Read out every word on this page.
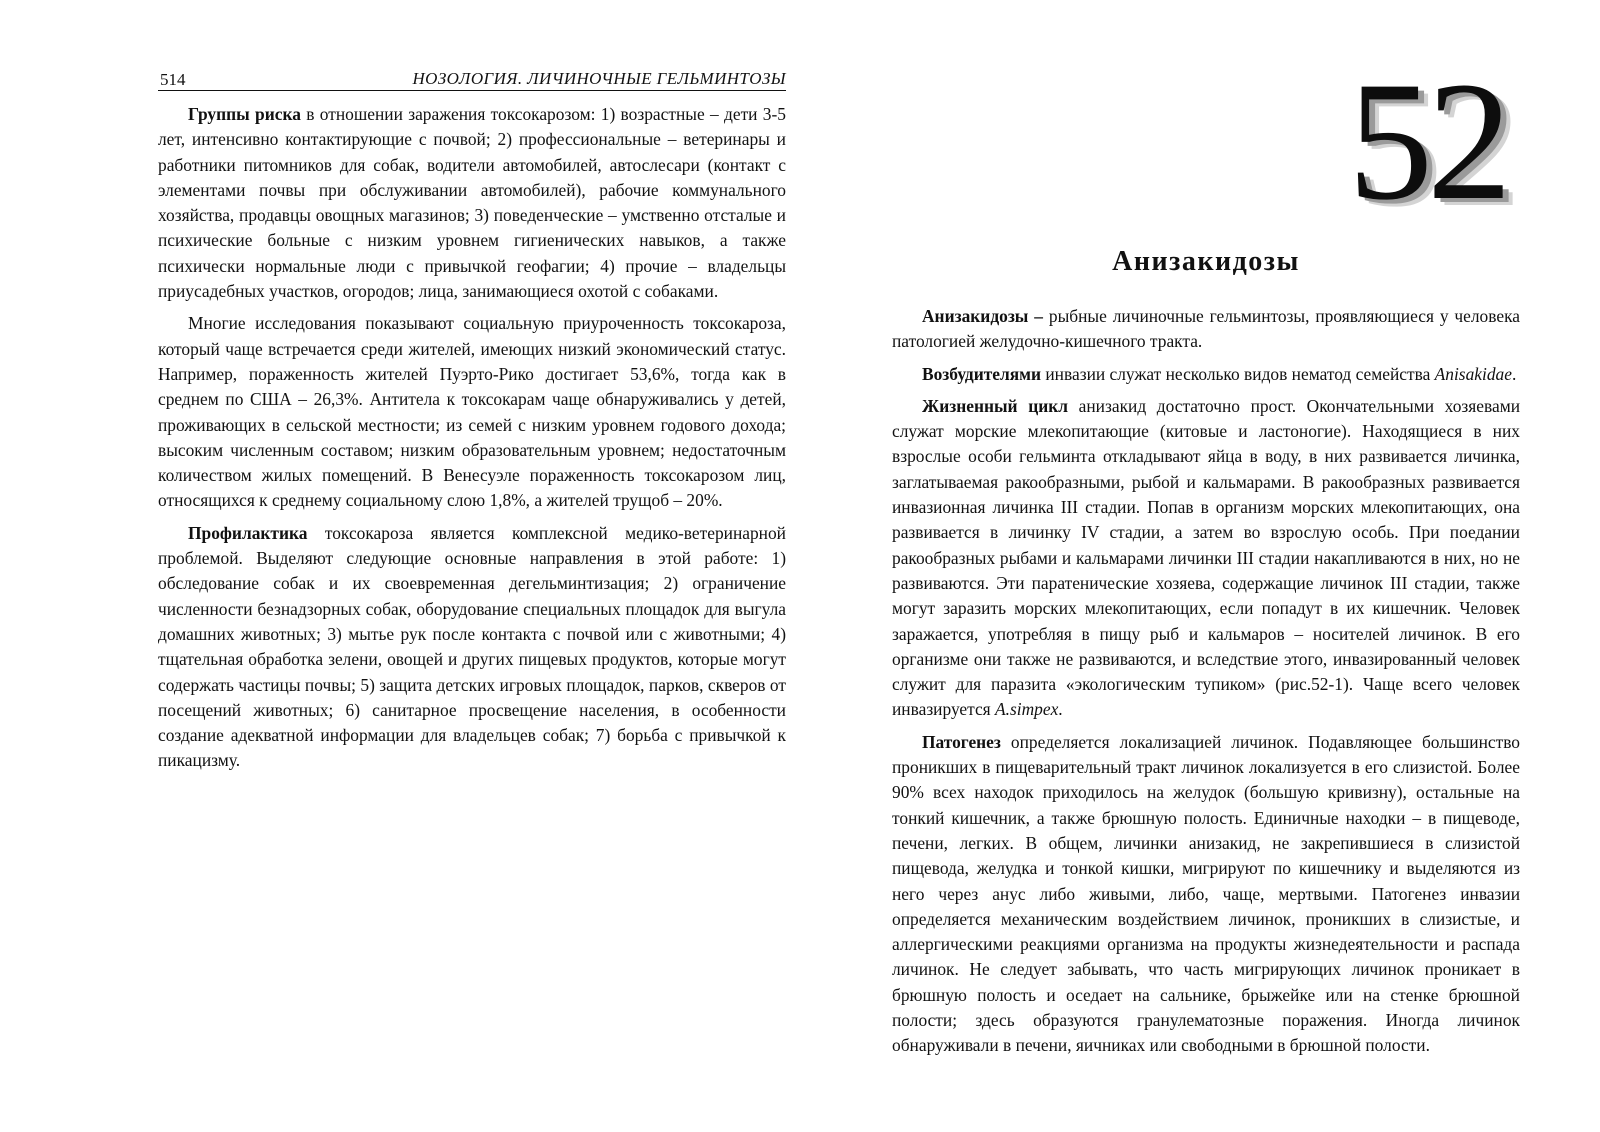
514	НОЗОЛОГИЯ. ЛИЧИНОЧНЫЕ ГЕЛЬМИНТОЗЫ

Группы риска в отношении заражения токсокарозом: 1) возрастные – дети 3-5 лет, интенсивно контактирующие с почвой; 2) профессиональные – ветеринары и работники питомников для собак, водители автомобилей, автослесари (контакт с элементами почвы при обслуживании автомобилей), рабочие коммунального хозяйства, продавцы овощных магазинов; 3) поведенческие – умственно отсталые и психические больные с низким уровнем гигиенических навыков, а также психически нормальные люди с привычкой геофагии; 4) прочие – владельцы приусадебных участков, огородов; лица, занимающиеся охотой с собаками.

Многие исследования показывают социальную приуроченность токсокароза, который чаще встречается среди жителей, имеющих низкий экономический статус. Например, пораженность жителей Пуэрто-Рико достигает 53,6%, тогда как в среднем по США – 26,3%. Антитела к токсокарам чаще обнаруживались у детей, проживающих в сельской местности; из семей с низким уровнем годового дохода; высоким численным составом; низким образовательным уровнем; недостаточным количеством жилых помещений. В Венесуэле пораженность токсокарозом лиц, относящихся к среднему социальному слою 1,8%, а жителей трущоб – 20%.

Профилактика токсокароза является комплексной медико-ветеринарной проблемой. Выделяют следующие основные направления в этой работе: 1) обследование собак и их своевременная дегельминтизация; 2) ограничение численности безнадзорных собак, оборудование специальных площадок для выгула домашних животных; 3) мытье рук после контакта с почвой или с животными; 4) тщательная обработка зелени, овощей и других пищевых продуктов, которые могут содержать частицы почвы; 5) защита детских игровых площадок, парков, скверов от посещений животных; 6) санитарное просвещение населения, в особенности создание адекватной информации для владельцев собак; 7) борьба с привычкой к пикацизму.

52
Анизакидозы

Анизакидозы – рыбные личиночные гельминтозы, проявляющиеся у человека патологией желудочно-кишечного тракта.

Возбудителями инвазии служат несколько видов нематод семейства Anisakidae.

Жизненный цикл анизакид достаточно прост. Окончательными хозяевами служат морские млекопитающие (китовые и ластоногие). Находящиеся в них взрослые особи гельминта откладывают яйца в воду, в них развивается личинка, заглатываемая ракообразными, рыбой и кальмарами. В ракообразных развивается инвазионная личинка III стадии. Попав в организм морских млекопитающих, она развивается в личинку IV стадии, а затем во взрослую особь. При поедании ракообразных рыбами и кальмарами личинки III стадии накапливаются в них, но не развиваются. Эти паратенические хозяева, содержащие личинок III стадии, также могут заразить морских млекопитающих, если попадут в их кишечник. Человек заражается, употребляя в пищу рыб и кальмаров – носителей личинок. В его организме они также не развиваются, и вследствие этого, инвазированный человек служит для паразита «экологическим тупиком» (рис.52-1). Чаще всего человек инвазируется A.simpex.

Патогенез определяется локализацией личинок. Подавляющее большинство проникших в пищеварительный тракт личинок локализуется в его слизистой. Более 90% всех находок приходилось на желудок (большую кривизну), остальные на тонкий кишечник, а также брюшную полость. Единичные находки – в пищеводе, печени, легких. В общем, личинки анизакид, не закрепившиеся в слизистой пищевода, желудка и тонкой кишки, мигрируют по кишечнику и выделяются из него через анус либо живыми, либо, чаще, мертвыми. Патогенез инвазии определяется механическим воздействием личинок, проникших в слизистые, и аллергическими реакциями организма на продукты жизнедеятельности и распада личинок. Не следует забывать, что часть мигрирующих личинок проникает в брюшную полость и оседает на сальнике, брыжейке или на стенке брюшной полости; здесь образуются гранулематозные поражения. Иногда личинок обнаруживали в печени, яичниках или свободными в брюшной полости.
